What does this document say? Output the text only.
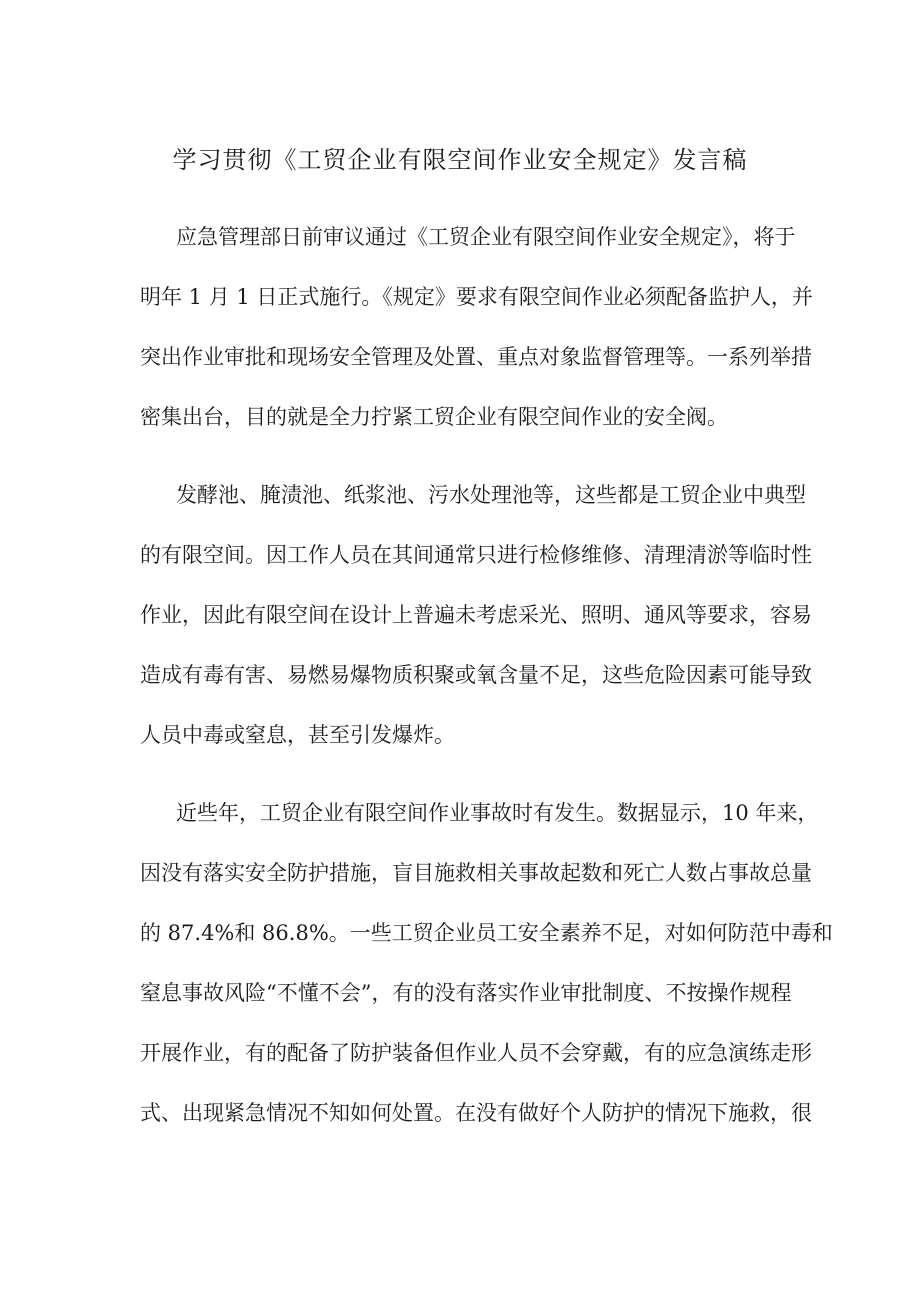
学习贯彻《工贸企业有限空间作业安全规定》发言稿
应急管理部日前审议通过《工贸企业有限空间作业安全规定》，将于
明年 1 月 1 日正式施行。《规定》要求有限空间作业必须配备监护人，并
突出作业审批和现场安全管理及处置、重点对象监督管理等。一系列举措
密集出台，目的就是全力拧紧工贸企业有限空间作业的安全阀。
发酵池、腌渍池、纸浆池、污水处理池等，这些都是工贸企业中典型
的有限空间。因工作人员在其间通常只进行检修维修、清理清淤等临时性
作业，因此有限空间在设计上普遍未考虑采光、照明、通风等要求，容易
造成有毒有害、易燃易爆物质积聚或氧含量不足，这些危险因素可能导致
人员中毒或窒息，甚至引发爆炸。
近些年，工贸企业有限空间作业事故时有发生。数据显示，10 年来，
因没有落实安全防护措施，盲目施救相关事故起数和死亡人数占事故总量
的 87.4%和 86.8%。一些工贸企业员工安全素养不足，对如何防范中毒和
窒息事故风险“不懂不会”，有的没有落实作业审批制度、不按操作规程
开展作业，有的配备了防护装备但作业人员不会穿戴，有的应急演练走形
式、出现紧急情况不知如何处置。在没有做好个人防护的情况下施救，很
